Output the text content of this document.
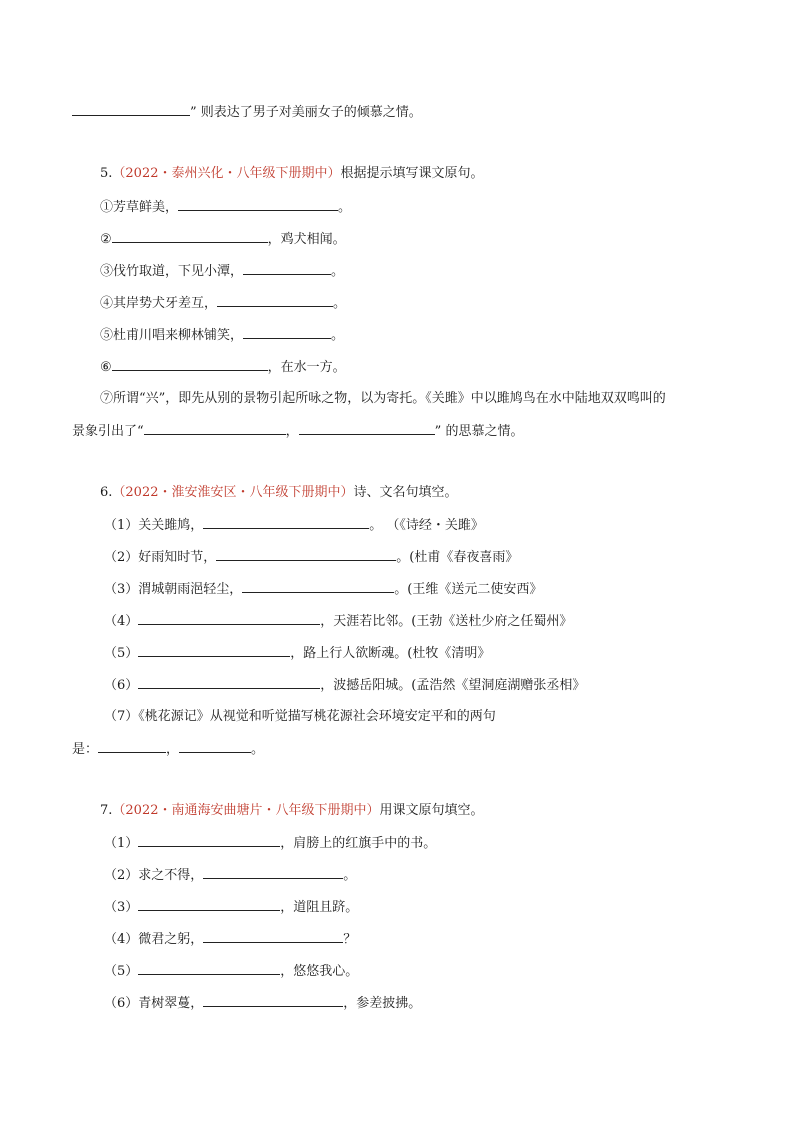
” 则表达了男子对美丽女子的倾慕之情。
5.（2022・泰州兴化・八年级下册期中）根据提示填写课文原句。
①芳草鲜美，	。
②	，鸡犬相闻。
③伐竹取道，下见小潭，	。
④其岸势犬牙差互，	。
⑤杜甫川唱来柳林铺笑，	。
⑥	，在水一方。
⑦所谓“兴”，即先从别的景物引起所咏之物，以为寄托。《关雎》中以雎鸠鸟在水中陆地双双鸣叫的
景象引出了“	，	” 的思慕之情。
6.（2022・淮安淮安区・八年级下册期中）诗、文名句填空。
（1）关关雎鸠，	。 （《诗经・关雎》
（2）好雨知时节，	。(杜甫《春夜喜雨》
（3）渭城朝雨浥轻尘，	。(王维《送元二使安西》
（4）	，天涯若比邻。(王勃《送杜少府之任蜀州》
（5）	，路上行人欲断魂。(杜牧《清明》
（6）	，波撼岳阳城。(孟浩然《望洞庭湖赠张丞相》
（7）《桃花源记》从视觉和听觉描写桃花源社会环境安定平和的两句
是：	，	。
7.（2022・南通海安曲塘片・八年级下册期中）用课文原句填空。
（1）	，肩膀上的红旗手中的书。
（2）求之不得，	。
（3）	，道阻且跻。
（4）微君之躬，	？
（5）	，悠悠我心。
（6）青树翠蔓，	，参差披拂。
